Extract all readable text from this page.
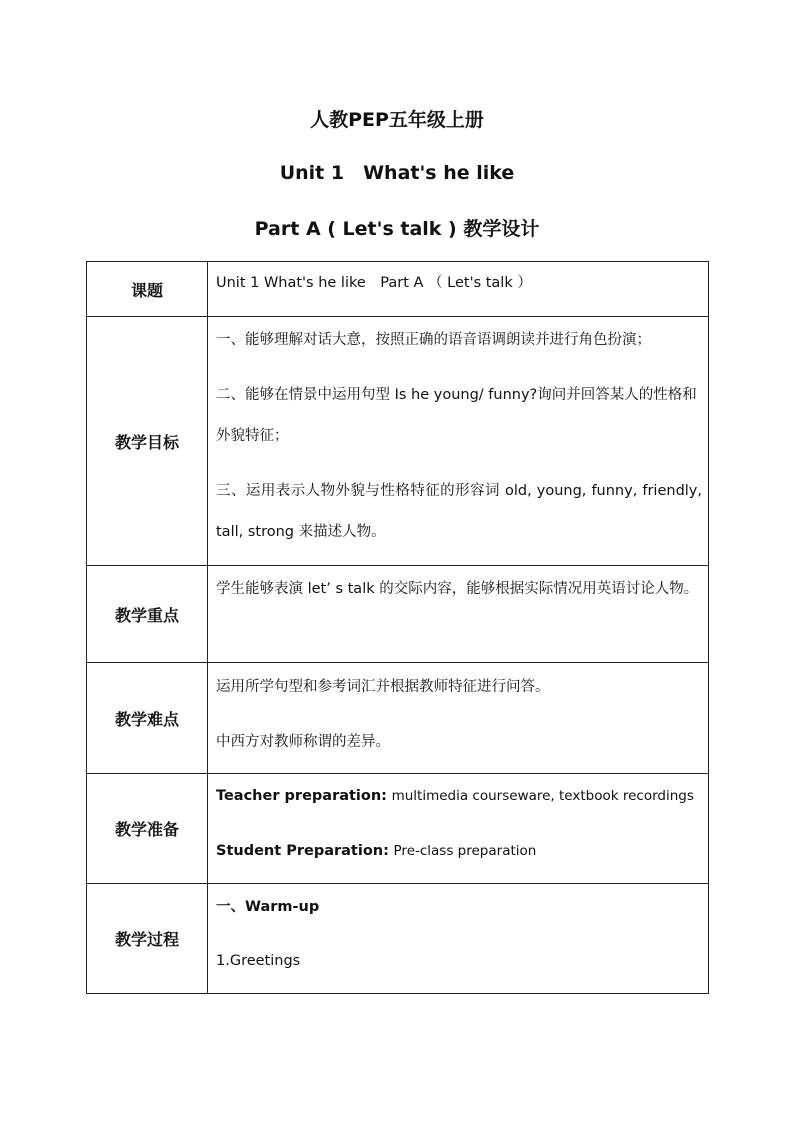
人教PEP五年级上册
Unit 1　What's he like
Part A ( Let's talk ) 教学设计
课题	Unit 1 What's he like　Part A （ Let's talk ）

教学目标	一、能够理解对话大意，按照正确的语音语调朗读并进行角色扮演；

二、能够在情景中运用句型 Is he young/ funny?询问并回答某人的性格和外貌特征；

三、运用表示人物外貌与性格特征的形容词 old, young, funny, friendly, tall, strong 来描述人物。

教学重点	学生能够表演 let’ s talk 的交际内容，能够根据实际情况用英语讨论人物。

教学难点	运用所学句型和参考词汇并根据教师特征进行问答。

中西方对教师称谓的差异。

教学准备	Teacher preparation: multimedia courseware, textbook recordings

Student Preparation: Pre-class preparation

教学过程	一、Warm-up

1.Greetings
